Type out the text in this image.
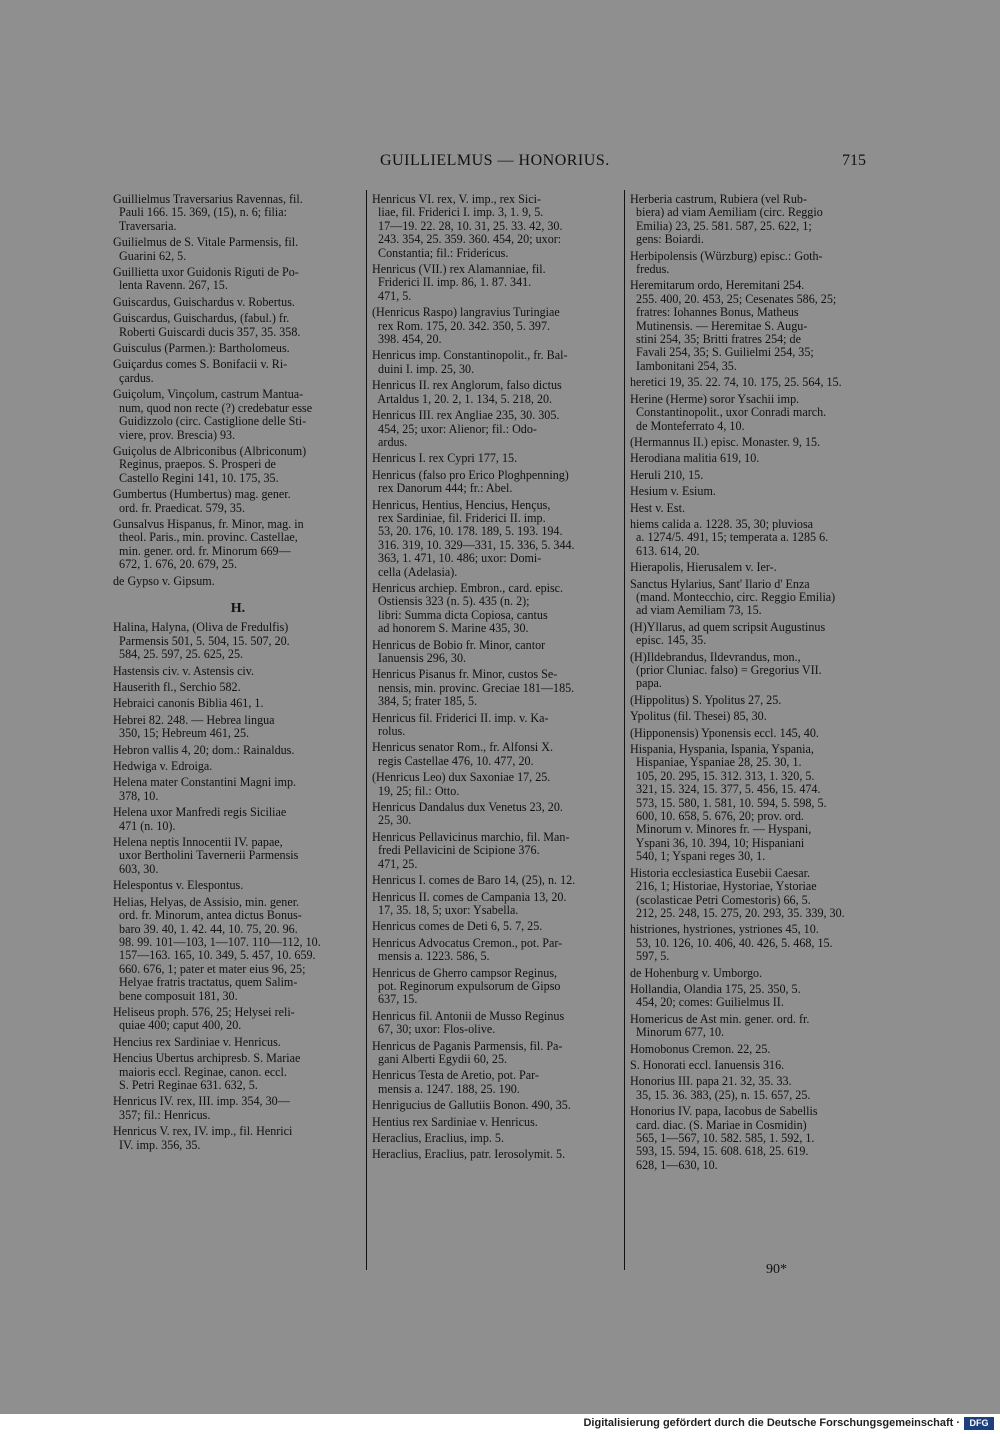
GUILLIELMUS — HONORIUS.	715
Guillielmus Traversarius Ravennas, fil.
Pauli 166. 15. 369, (15), n. 6; filia:
Traversaria.
Guilielmus de S. Vitale Parmensis, fil.
Guarini 62, 5.
Guillietta uxor Guidonis Riguti de Po-
lenta Ravenn. 267, 15.
Guiscardus, Guischardus v. Robertus.
Guiscardus, Guischardus, (fabul.) fr.
Roberti Guiscardi ducis 357, 35. 358.
Guisculus (Parmen.): Bartholomeus.
Guiçardus comes S. Bonifacii v. Ri-
çardus.
Guiçolum, Vinçolum, castrum Mantua-
num, quod non recte (?) credebatur esse
Guidizzolo (circ. Castiglione delle Sti-
viere, prov. Brescia) 93.
Guiçolus de Albriconibus (Albriconum)
Reginus, praepos. S. Prosperi de
Castello Regini 141, 10. 175, 35.
Gumbertus (Humbertus) mag. gener.
ord. fr. Praedicat. 579, 35.
Gunsalvus Hispanus, fr. Minor, mag. in
theol. Paris., min. provinc. Castellae,
min. gener. ord. fr. Minorum 669—
672, 1. 676, 20. 679, 25.
de Gypso v. Gipsum.
H.
Halina, Halyna, (Oliva de Fredulfis)
Parmensis 501, 5. 504, 15. 507, 20.
584, 25. 597, 25. 625, 25.
Hastensis civ. v. Astensis civ.
Hauserith fl., Serchio 582.
Hebraici canonis Biblia 461, 1.
Hebrei 82. 248. — Hebrea lingua
350, 15; Hebreum 461, 25.
Hebron vallis 4, 20; dom.: Rainaldus.
Hedwiga v. Edroiga.
Helena mater Constantini Magni imp.
378, 10.
Helena uxor Manfredi regis Siciliae
471 (n. 10).
Helena neptis Innocentii IV. papae,
uxor Bertholini Tavernerii Parmensis
603, 30.
Helespontus v. Elespontus.
Helias, Helyas, de Assisio, min. gener.
ord. fr. Minorum, antea dictus Bonus-
baro 39. 40, 1. 42. 44, 10. 75, 20. 96.
98. 99. 101—103, 1—107. 110—112, 10.
157—163. 165, 10. 349, 5. 457, 10. 659.
660. 676, 1; pater et mater eius 96, 25;
Helyae fratris tractatus, quem Salim-
bene composuit 181, 30.
Heliseus proph. 576, 25; Helysei reli-
quiae 400; caput 400, 20.
Hencius rex Sardiniae v. Henricus.
Hencius Ubertus archipresb. S. Mariae
maioris eccl. Reginae, canon. eccl.
S. Petri Reginae 631. 632, 5.
Henricus IV. rex, III. imp. 354, 30—
357; fil.: Henricus.
Henricus V. rex, IV. imp., fil. Henrici
IV. imp. 356, 35.
Henricus VI. rex, V. imp., rex Sici-
liae, fil. Friderici I. imp. 3, 1. 9, 5.
17—19. 22. 28, 10. 31, 25. 33. 42, 30.
243. 354, 25. 359. 360. 454, 20; uxor:
Constantia; fil.: Fridericus.
Henricus (VII.) rex Alamanniae, fil.
Friderici II. imp. 86, 1. 87. 341.
471, 5.
(Henricus Raspo) langravius Turingiae
rex Rom. 175, 20. 342. 350, 5. 397.
398. 454, 20.
Henricus imp. Constantinopolit., fr. Bal-
duini I. imp. 25, 30.
Henricus II. rex Anglorum, falso dictus
Artaldus 1, 20. 2, 1. 134, 5. 218, 20.
Henricus III. rex Angliae 235, 30. 305.
454, 25; uxor: Alienor; fil.: Odo-
ardus.
Henricus I. rex Cypri 177, 15.
Henricus (falso pro Erico Ploghpenning)
rex Danorum 444; fr.: Abel.
Henricus, Hentius, Hencius, Hençus,
rex Sardiniae, fil. Friderici II. imp.
53, 20. 176, 10. 178. 189, 5. 193. 194.
316. 319, 10. 329—331, 15. 336, 5. 344.
363, 1. 471, 10. 486; uxor: Domi-
cella (Adelasia).
Henricus archiep. Embron., card. episc.
Ostiensis 323 (n. 5). 435 (n. 2);
libri: Summa dicta Copiosa, cantus
ad honorem S. Marine 435, 30.
Henricus de Bobio fr. Minor, cantor
Ianuensis 296, 30.
Henricus Pisanus fr. Minor, custos Se-
nensis, min. provinc. Greciae 181—185.
384, 5; frater 185, 5.
Henricus fil. Friderici II. imp. v. Ka-
rolus.
Henricus senator Rom., fr. Alfonsi X.
regis Castellae 476, 10. 477, 20.
(Henricus Leo) dux Saxoniae 17, 25.
19, 25; fil.: Otto.
Henricus Dandalus dux Venetus 23, 20.
25, 30.
Henricus Pellavicinus marchio, fil. Man-
fredi Pellavicini de Scipione 376.
471, 25.
Henricus I. comes de Baro 14, (25), n. 12.
Henricus II. comes de Campania 13, 20.
17, 35. 18, 5; uxor: Ysabella.
Henricus comes de Deti 6, 5. 7, 25.
Henricus Advocatus Cremon., pot. Par-
mensis a. 1223. 586, 5.
Henricus de Gherro campsor Reginus,
pot. Reginorum expulsorum de Gipso
637, 15.
Henricus fil. Antonii de Musso Reginus
67, 30; uxor: Flos-olive.
Henricus de Paganis Parmensis, fil. Pa-
gani Alberti Egydii 60, 25.
Henricus Testa de Aretio, pot. Par-
mensis a. 1247. 188, 25. 190.
Henrigucius de Gallutiis Bonon. 490, 35.
Hentius rex Sardiniae v. Henricus.
Heraclius, Eraclius, imp. 5.
Heraclius, Eraclius, patr. Ierosolymit. 5.
Herberia castrum, Rubiera (vel Rub-
biera) ad viam Aemiliam (circ. Reggio
Emilia) 23, 25. 581. 587, 25. 622, 1;
gens: Boiardi.
Herbipolensis (Würzburg) episc.: Goth-
fredus.
Heremitarum ordo, Heremitani 254.
255. 400, 20. 453, 25; Cesenates 586, 25;
fratres: Iohannes Bonus, Matheus
Mutinensis. — Heremitae S. Augu-
stini 254, 35; Britti fratres 254; de
Favali 254, 35; S. Guilielmi 254, 35;
Iambonitani 254, 35.
heretici 19, 35. 22. 74, 10. 175, 25. 564, 15.
Herine (Herme) soror Ysachii imp.
Constantinopolit., uxor Conradi march.
de Monteferrato 4, 10.
(Hermannus II.) episc. Monaster. 9, 15.
Herodiana malitia 619, 10.
Heruli 210, 15.
Hesium v. Esium.
Hest v. Est.
hiems calida a. 1228. 35, 30; pluviosa
a. 1274/5. 491, 15; temperata a. 1285 6.
613. 614, 20.
Hierapolis, Hierusalem v. Ier-.
Sanctus Hylarius, Sant' Ilario d' Enza
(mand. Montecchio, circ. Reggio Emilia)
ad viam Aemiliam 73, 15.
(H)Yllarus, ad quem scripsit Augustinus
episc. 145, 35.
(H)Ildebrandus, Ildevrandus, mon.,
(prior Cluniac. falso) = Gregorius VII.
papa.
(Hippolitus) S. Ypolitus 27, 25.
Ypolitus (fil. Thesei) 85, 30.
(Hipponensis) Yponensis eccl. 145, 40.
Hispania, Hyspania, Ispania, Yspania,
Hispaniae, Yspaniae 28, 25. 30, 1.
105, 20. 295, 15. 312. 313, 1. 320, 5.
321, 15. 324, 15. 377, 5. 456, 15. 474.
573, 15. 580, 1. 581, 10. 594, 5. 598, 5.
600, 10. 658, 5. 676, 20; prov. ord.
Minorum v. Minores fr. — Hyspani,
Yspani 36, 10. 394, 10; Hispaniani
540, 1; Yspani reges 30, 1.
Historia ecclesiastica Eusebii Caesar.
216, 1; Historiae, Hystoriae, Ystoriae
(scolasticae Petri Comestoris) 66, 5.
212, 25. 248, 15. 275, 20. 293, 35. 339, 30.
histriones, hystriones, ystriones 45, 10.
53, 10. 126, 10. 406, 40. 426, 5. 468, 15.
597, 5.
de Hohenburg v. Umborgo.
Hollandia, Olandia 175, 25. 350, 5.
454, 20; comes: Guilielmus II.
Homericus de Ast min. gener. ord. fr.
Minorum 677, 10.
Homobonus Cremon. 22, 25.
S. Honorati eccl. Ianuensis 316.
Honorius III. papa 21. 32, 35. 33.
35, 15. 36. 383, (25), n. 15. 657, 25.
Honorius IV. papa, Iacobus de Sabellis
card. diac. (S. Mariae in Cosmidin)
565, 1—567, 10. 582. 585, 1. 592, 1.
593, 15. 594, 15. 608. 618, 25. 619.
628, 1—630, 10.
90*
Digitalisierung gefördert durch die Deutsche Forschungsgemeinschaft ·	DFG
